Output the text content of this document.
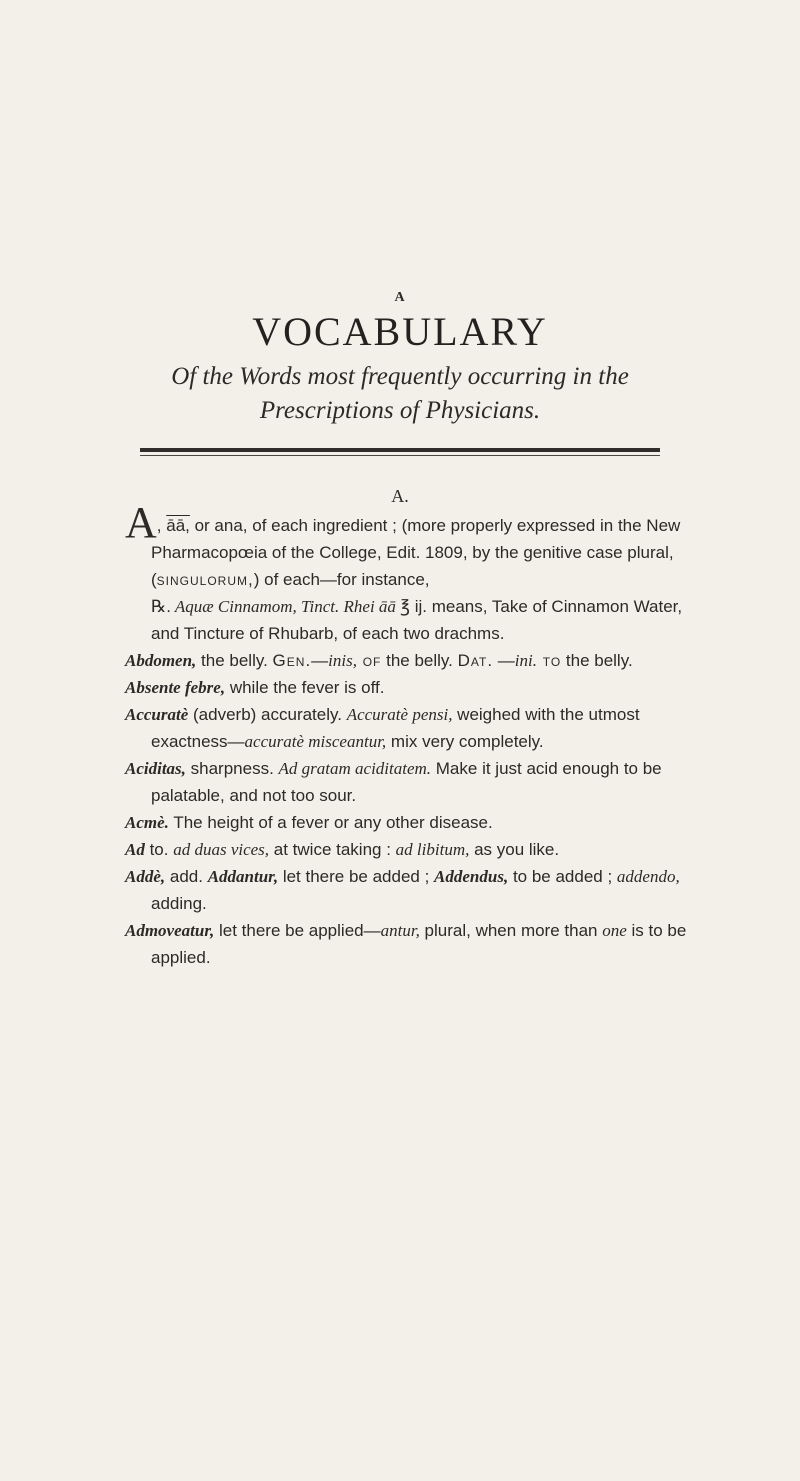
A
VOCABULARY
Of the Words most frequently occurring in the
Prescriptions of Physicians.
A.

A, āā, or ana, of each ingredient ; (more properly expressed in the New Pharmacopœia of the College, Edit. 1809, by the genitive case plural, (singulorum,) of each—for instance,
℞. Aquæ Cinnamom, Tinct. Rhei āā ℥ ij. means, Take of Cinnamon Water, and Tincture of Rhubarb, of each two drachms.

Abdomen, the belly. Gen.—inis, of the belly. Dat. —ini. to the belly.

Absente febre, while the fever is off.

Accuratè (adverb) accurately. Accuratè pensi, weighed with the utmost exactness—accuratè misceantur, mix very completely.

Aciditas, sharpness. Ad gratam aciditatem. Make it just acid enough to be palatable, and not too sour.

Acmè. The height of a fever or any other disease.

Ad to. ad duas vices, at twice taking : ad libitum, as you like.

Addè, add. Addantur, let there be added ; Addendus, to be added ; addendo, adding.

Admoveatur, let there be applied—antur, plural, when more than one is to be applied.
